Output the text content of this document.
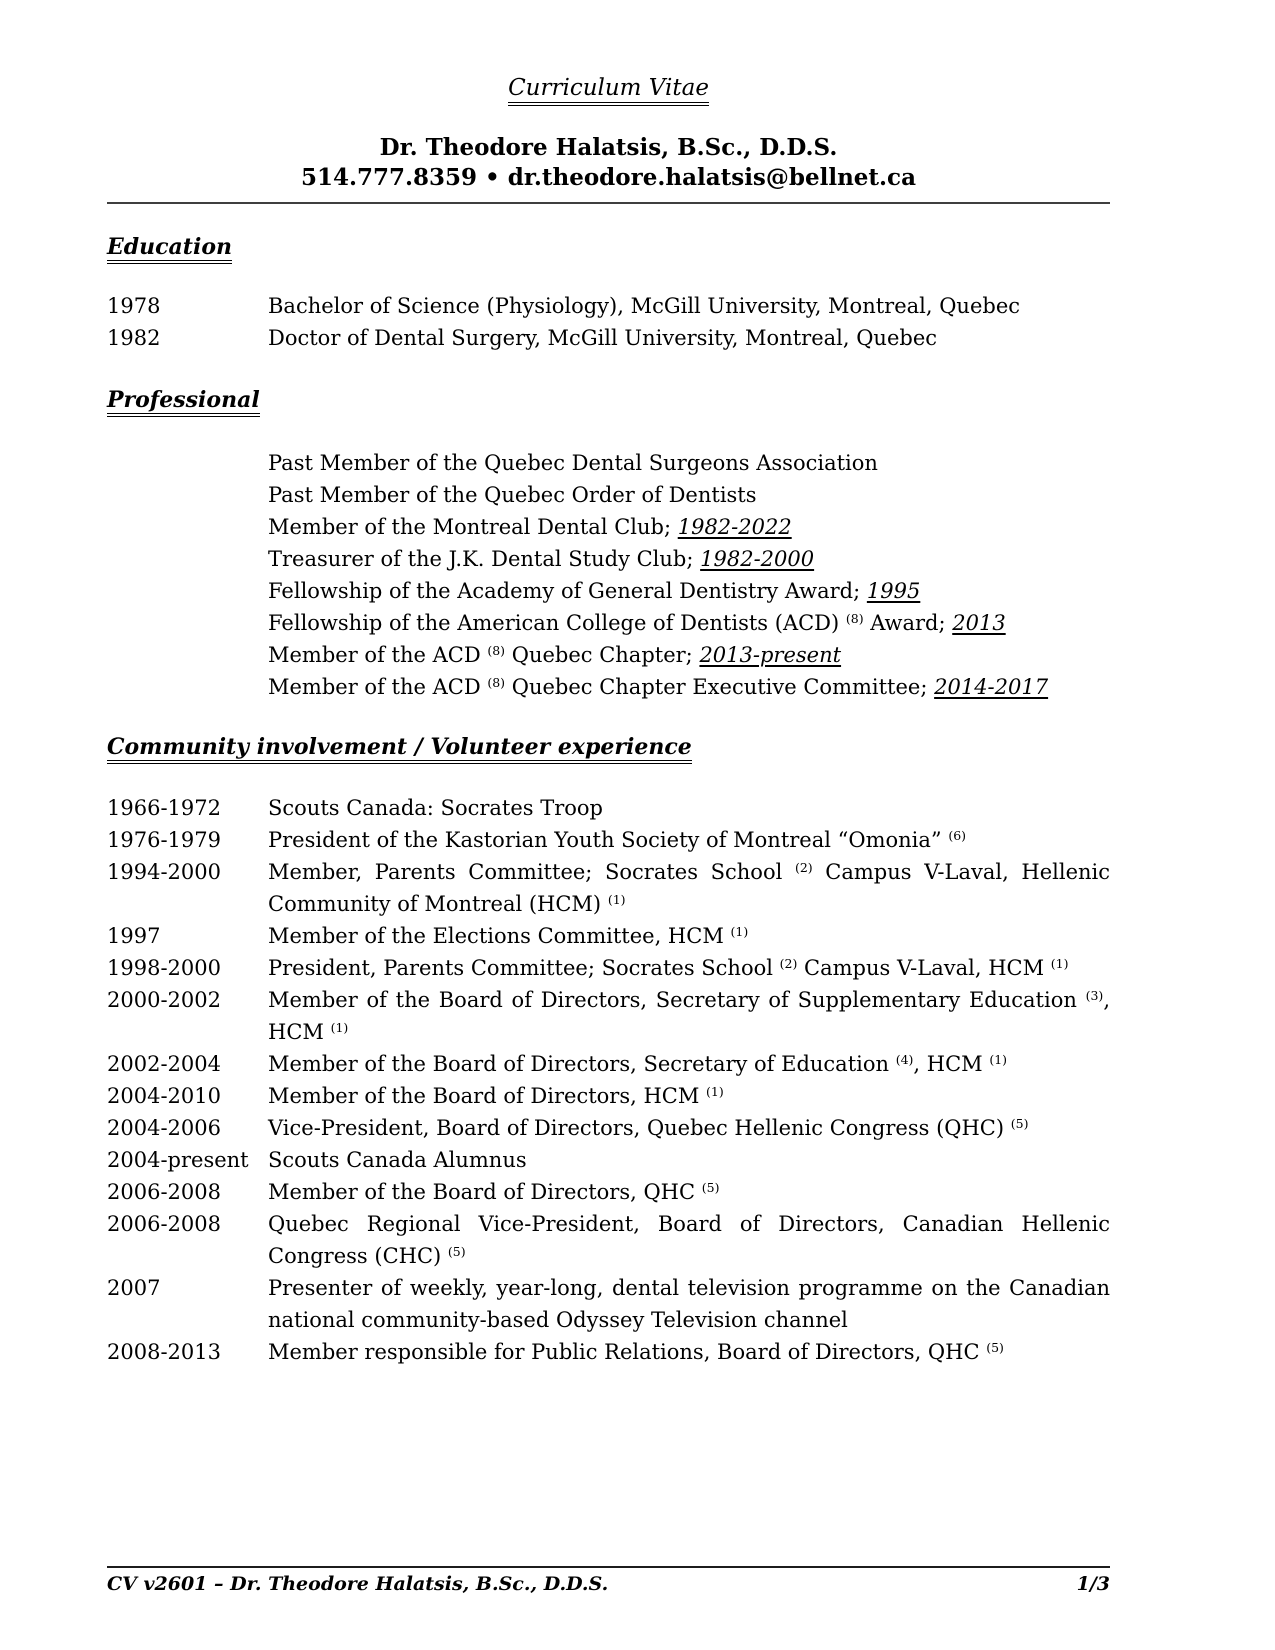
Curriculum Vitae
Dr. Theodore Halatsis, B.Sc., D.D.S.
514.777.8359 • dr.theodore.halatsis@bellnet.ca
Education
1978	Bachelor of Science (Physiology), McGill University, Montreal, Quebec
1982	Doctor of Dental Surgery, McGill University, Montreal, Quebec
Professional
Past Member of the Quebec Dental Surgeons Association
Past Member of the Quebec Order of Dentists
Member of the Montreal Dental Club; 1982-2022
Treasurer of the J.K. Dental Study Club; 1982-2000
Fellowship of the Academy of General Dentistry Award; 1995
Fellowship of the American College of Dentists (ACD) $^{(8)}$ Award; 2013
Member of the ACD $^{(8)}$ Quebec Chapter; 2013-present
Member of the ACD $^{(8)}$ Quebec Chapter Executive Committee; 2014-2017
Community involvement / Volunteer experience
1966-1972	Scouts Canada: Socrates Troop
1976-1979	President of the Kastorian Youth Society of Montreal “Omonia” $^{(6)}$
1994-2000	Member, Parents Committee; Socrates School $^{(2)}$ Campus V-Laval, Hellenic Community of Montreal (HCM) $^{(1)}$
1997	Member of the Elections Committee, HCM $^{(1)}$
1998-2000	President, Parents Committee; Socrates School $^{(2)}$ Campus V-Laval, HCM $^{(1)}$
2000-2002	Member of the Board of Directors, Secretary of Supplementary Education $^{(3)}$, HCM $^{(1)}$
2002-2004	Member of the Board of Directors, Secretary of Education $^{(4)}$, HCM $^{(1)}$
2004-2010	Member of the Board of Directors, HCM $^{(1)}$
2004-2006	Vice-President, Board of Directors, Quebec Hellenic Congress (QHC) $^{(5)}$
2004-present Scouts Canada Alumnus
2006-2008	Member of the Board of Directors, QHC $^{(5)}$
2006-2008	Quebec Regional Vice-President, Board of Directors, Canadian Hellenic Congress (CHC) $^{(5)}$
2007	Presenter of weekly, year-long, dental television programme on the Canadian national community-based Odyssey Television channel
2008-2013	Member responsible for Public Relations, Board of Directors, QHC $^{(5)}$
CV v2601 – Dr. Theodore Halatsis, B.Sc., D.D.S.	1/3
